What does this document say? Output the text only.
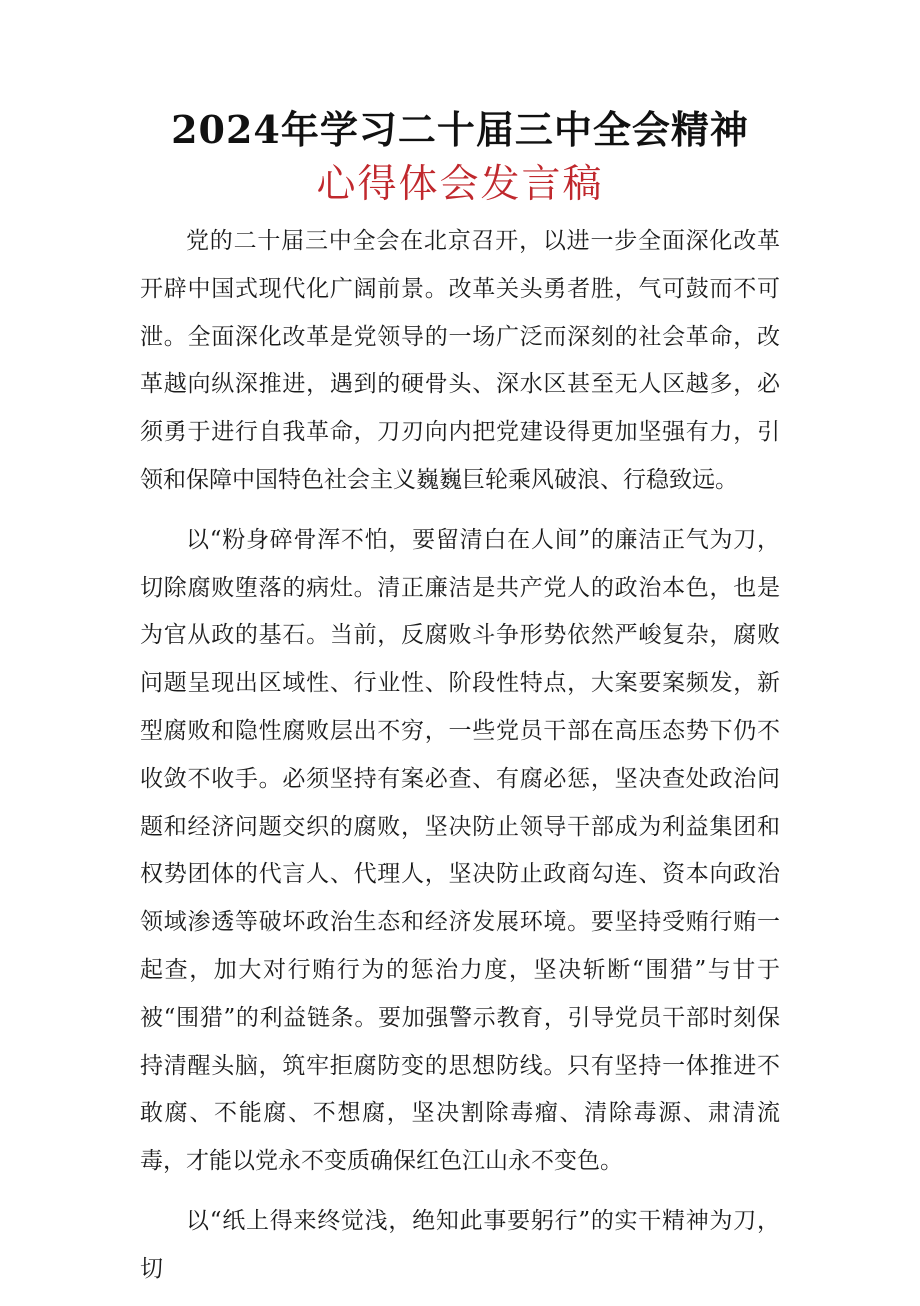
2024年学习二十届三中全会精神
心得体会发言稿

党的二十届三中全会在北京召开，以进一步全面深化改革开辟中国式现代化广阔前景。改革关头勇者胜，气可鼓而不可泄。全面深化改革是党领导的一场广泛而深刻的社会革命，改革越向纵深推进，遇到的硬骨头、深水区甚至无人区越多，必须勇于进行自我革命，刀刃向内把党建设得更加坚强有力，引领和保障中国特色社会主义巍巍巨轮乘风破浪、行稳致远。

以“粉身碎骨浑不怕，要留清白在人间”的廉洁正气为刀，切除腐败堕落的病灶。清正廉洁是共产党人的政治本色，也是为官从政的基石。当前，反腐败斗争形势依然严峻复杂，腐败问题呈现出区域性、行业性、阶段性特点，大案要案频发，新型腐败和隐性腐败层出不穷，一些党员干部在高压态势下仍不收敛不收手。必须坚持有案必查、有腐必惩，坚决查处政治问题和经济问题交织的腐败，坚决防止领导干部成为利益集团和权势团体的代言人、代理人，坚决防止政商勾连、资本向政治领域渗透等破坏政治生态和经济发展环境。要坚持受贿行贿一起查，加大对行贿行为的惩治力度，坚决斩断“围猎”与甘于被“围猎”的利益链条。要加强警示教育，引导党员干部时刻保持清醒头脑，筑牢拒腐防变的思想防线。只有坚持一体推进不敢腐、不能腐、不想腐，坚决割除毒瘤、清除毒源、肃清流毒，才能以党永不变质确保红色江山永不变色。

以“纸上得来终觉浅，绝知此事要躬行”的实干精神为刀，切
